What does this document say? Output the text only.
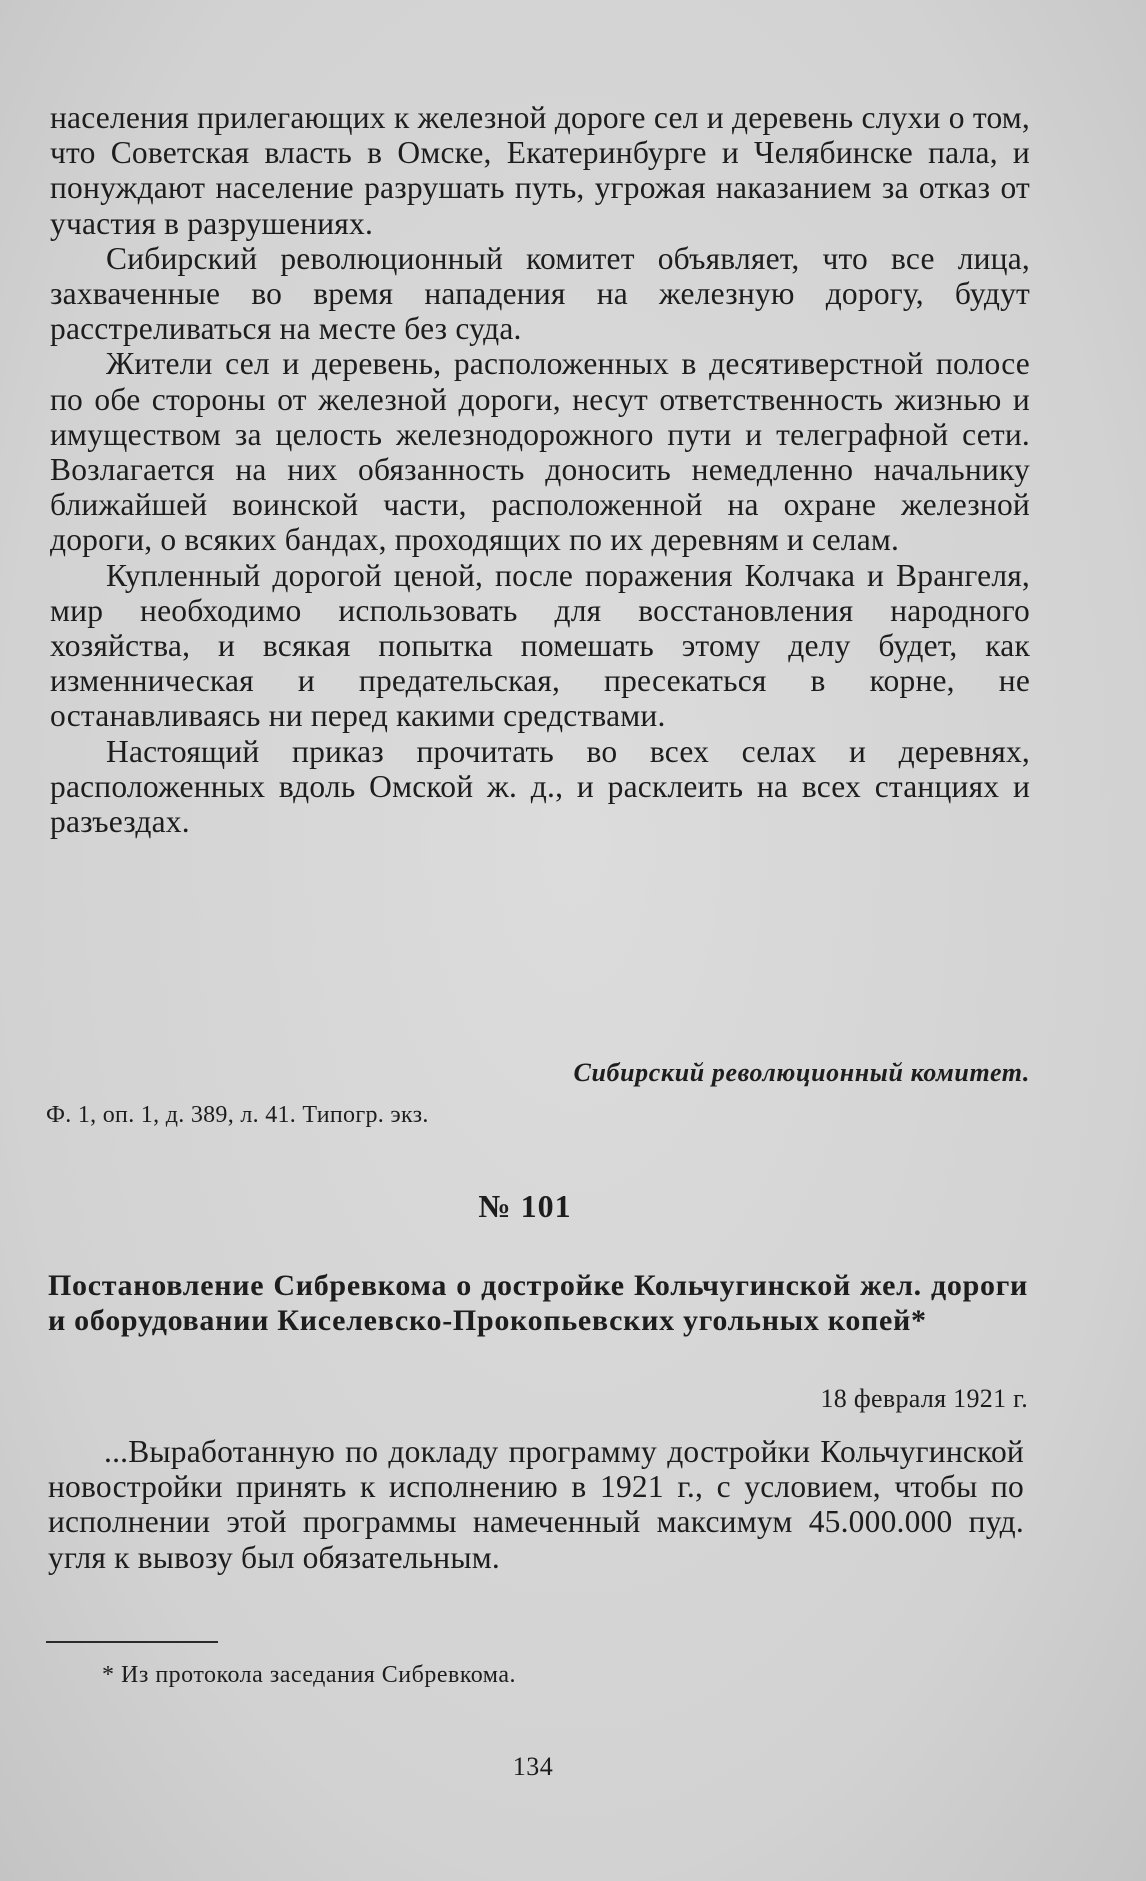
населения прилегающих к железной дороге сел и деревень слухи о том, что Советская власть в Омске, Екатеринбурге и Челябинске пала, и понуждают население разрушать путь, угрожая наказанием за отказ от участия в разрушениях.

Сибирский революционный комитет объявляет, что все лица, захваченные во время нападения на железную дорогу, будут расстреливаться на месте без суда.

Жители сел и деревень, расположенных в десятиверстной полосе по обе стороны от железной дороги, несут ответственность жизнью и имуществом за целость железнодорожного пути и телеграфной сети. Возлагается на них обязанность доносить немедленно начальнику ближайшей воинской части, расположенной на охране железной дороги, о всяких бандах, проходящих по их деревням и селам.

Купленный дорогой ценой, после поражения Колчака и Врангеля, мир необходимо использовать для восстановления народного хозяйства, и всякая попытка помешать этому делу будет, как изменническая и предательская, пресекаться в корне, не останавливаясь ни перед какими средствами.

Настоящий приказ прочитать во всех селах и деревнях, расположенных вдоль Омской ж. д., и расклеить на всех станциях и разъездах.

Сибирский революционный комитет.
Ф. 1, оп. 1, д. 389, л. 41. Типогр. экз.
№ 101

Постановление Сибревкома о достройке Кольчугинской жел. дороги и оборудовании Киселевско-Прокопьевских угольных копей*

18 февраля 1921 г.

...Выработанную по докладу программу достройки Кольчугинской новостройки принять к исполнению в 1921 г., с условием, чтобы по исполнении этой программы намеченный максимум 45.000.000 пуд. угля к вывозу был обязательным.

* Из протокола заседания Сибревкома.
134
